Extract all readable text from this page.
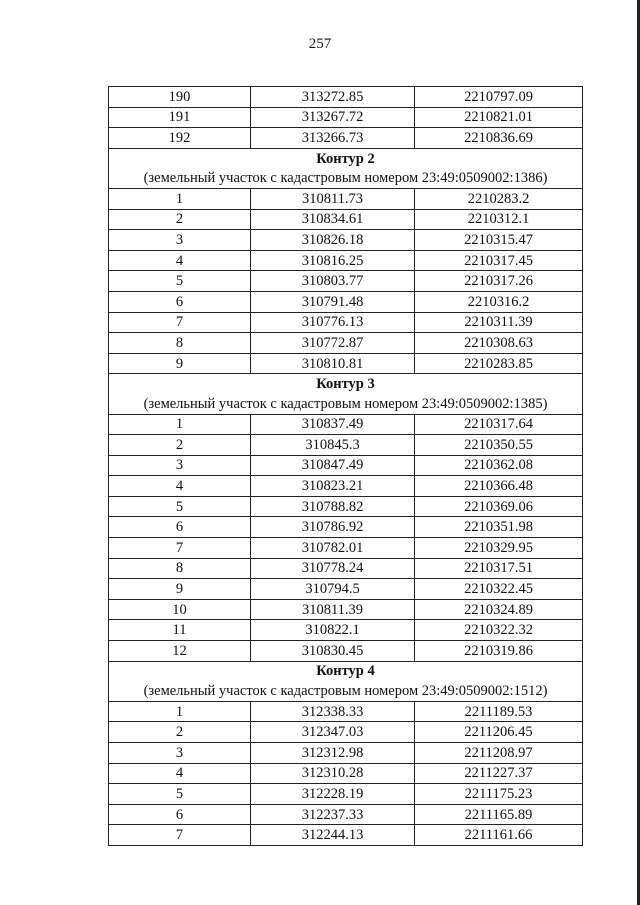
257
190	313272.85	2210797.09
191	313267.72	2210821.01
192	313266.73	2210836.69
Контур 2		
(земельный участок с кадастровым номером 23:49:0509002:1386)		
1	310811.73	2210283.2
2	310834.61	2210312.1
3	310826.18	2210315.47
4	310816.25	2210317.45
5	310803.77	2210317.26
6	310791.48	2210316.2
7	310776.13	2210311.39
8	310772.87	2210308.63
9	310810.81	2210283.85
Контур 3		
(земельный участок с кадастровым номером 23:49:0509002:1385)		
1	310837.49	2210317.64
2	310845.3	2210350.55
3	310847.49	2210362.08
4	310823.21	2210366.48
5	310788.82	2210369.06
6	310786.92	2210351.98
7	310782.01	2210329.95
8	310778.24	2210317.51
9	310794.5	2210322.45
10	310811.39	2210324.89
11	310822.1	2210322.32
12	310830.45	2210319.86
Контур 4		
(земельный участок с кадастровым номером 23:49:0509002:1512)		
1	312338.33	2211189.53
2	312347.03	2211206.45
3	312312.98	2211208.97
4	312310.28	2211227.37
5	312228.19	2211175.23
6	312237.33	2211165.89
7	312244.13	2211161.66
